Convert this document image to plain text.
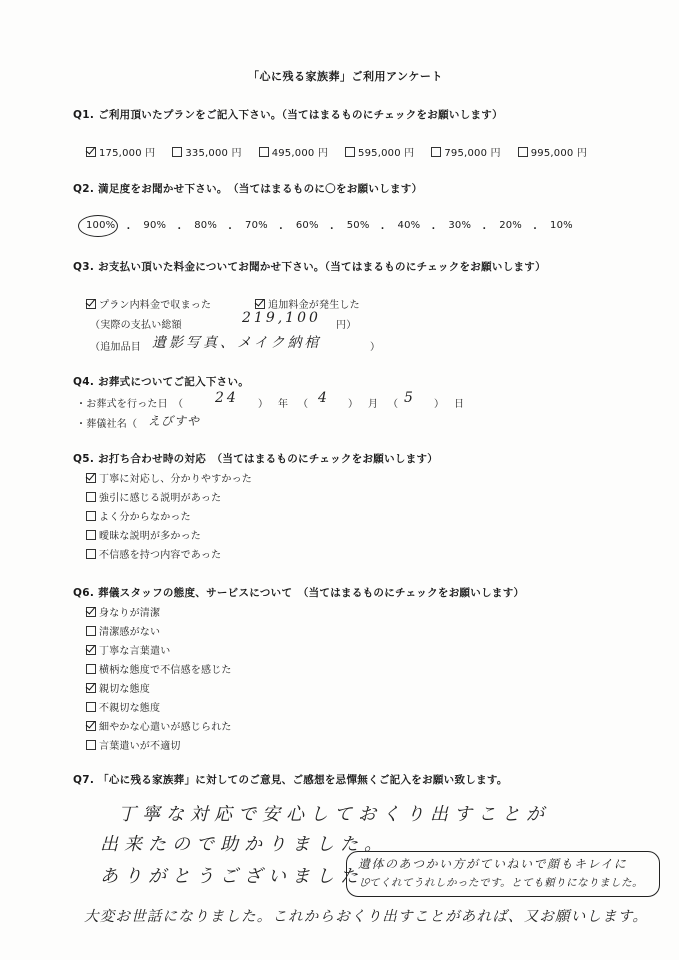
「心に残る家族葬」ご利用アンケート
Q1. ご利用頂いたプランをご記入下さい。（当てはまるものにチェックをお願いします）
175,000 円	335,000 円	495,000 円	595,000 円	795,000 円	995,000 円
Q2. 満足度をお聞かせ下さい。　（当てはまるものに〇をお願いします）
100% ・ 90% ・ 80% ・ 70% ・ 60% ・ 50% ・ 40% ・ 30% ・ 20% ・ 10%
Q3. お支払い頂いた料金についてお聞かせ下さい。（当てはまるものにチェックをお願いします）
プラン内料金で収まった	追加料金が発生した
（実際の支払い総額	219,100 円）
（追加品目 遺影写真、メイク納棺	）
Q4. お葬式についてご記入下さい。
・お葬式を行った日　（ 24 ）年（ 4 ）月（
5 ）日
・葬儀社名（ えびすや
Q5. お打ち合わせ時の対応　（当てはまるものにチェックをお願いします）
丁寧に対応し、分かりやすかった
強引に感じる説明があった
よく分からなかった
曖昧な説明が多かった
不信感を持つ内容であった
Q6. 葬儀スタッフの態度、サービスについて　（当てはまるものにチェックをお願いします）
身なりが清潔
清潔感がない
丁寧な言葉遣い
横柄な態度で不信感を感じた
親切な態度
不親切な態度
細やかな心遣いが感じられた
言葉遣いが不適切
Q7. 「心に残る家族葬」に対してのご意見、ご感想を忌憚無くご記入をお願い致します。
丁寧な対応で安心しておくり出すことが
出来たので助かりました。
ありがとうございました。
遺体のあつかい方がていねいで顔もキレイに
してくれてうれしかったです。とても頼りになりました。
大変お世話になりました。これからおくり出すことがあれば、又お願いします。
